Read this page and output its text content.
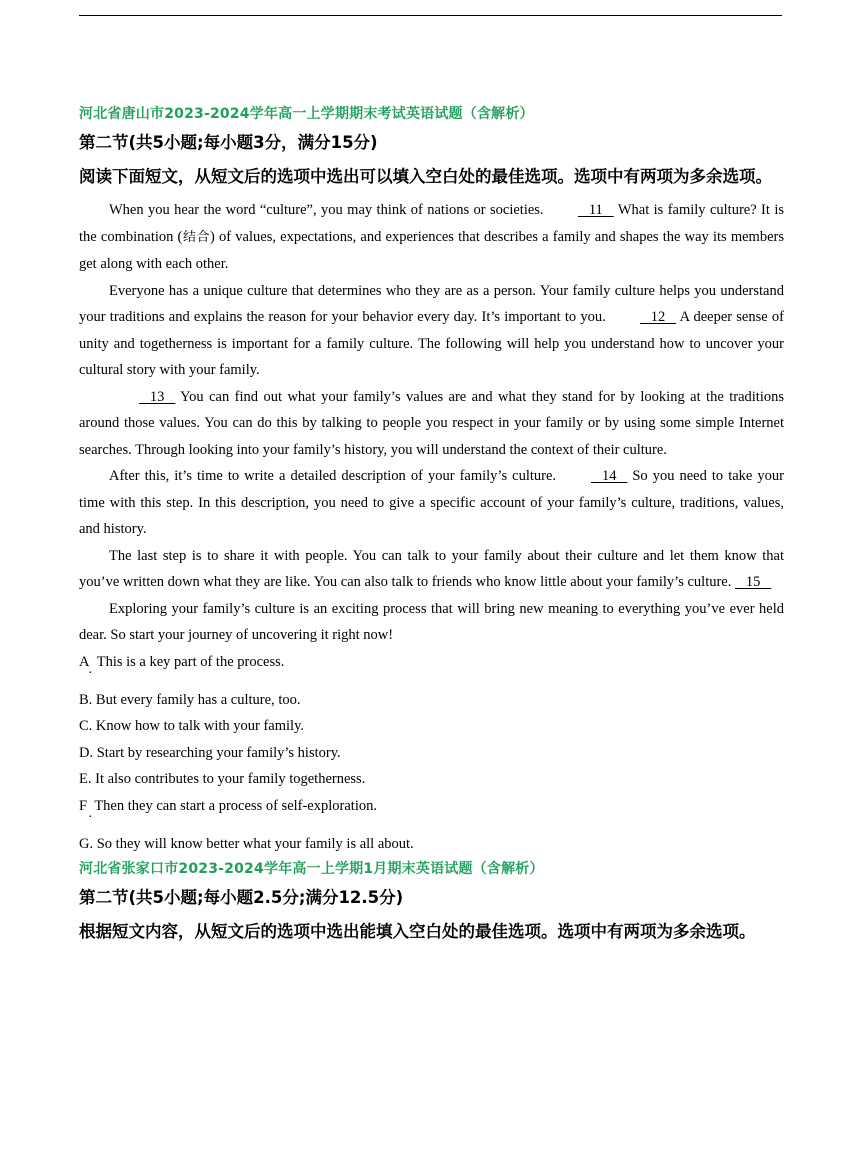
河北省唐山市2023-2024学年高一上学期期末考试英语试题（含解析）
第二节(共5小题;每小题3分，满分15分)
阅读下面短文，从短文后的选项中选出可以填入空白处的最佳选项。选项中有两项为多余选项。

When you hear the word “culture”, you may think of nations or societies.	11    What is family culture? It is the combination (结合) of values, expectations, and experiences that describes a family and shapes the way its members get along with each other.

Everyone has a unique culture that determines who they are as a person. Your family culture helps you understand your traditions and explains the reason for your behavior every day. It’s important to you.	12    A deeper sense of unity and togetherness is important for a family culture. The following will help you understand how to uncover your cultural story with your family.

13    You can find out what your family’s values are and what they stand for by looking at the traditions around those values. You can do this by talking to people you respect in your family or by using some simple Internet searches. Through looking into your family’s history, you will understand the context of their culture.

After this, it’s time to write a detailed description of your family’s culture.	14    So you need to take your time with this step. In this description, you need to give a specific account of your family’s culture, traditions, values, and history.

The last step is to share it with people. You can talk to your family about their culture and let them know that you’ve written down what they are like. You can also talk to friends who know little about your family’s culture.    15

Exploring your family’s culture is an exciting process that will bring new meaning to everything you’ve ever held dear. So start your journey of uncovering it right now!

A This is a key part of the process.
·
B. But every family has a culture, too.
C. Know how to talk with your family.
D. Start by researching your family’s history.
E. It also contributes to your family togetherness.
F Then they can start a process of self-exploration.
·
G. So they will know better what your family is all about.
河北省张家口市2023-2024学年高一上学期1月期末英语试题（含解析）
第二节(共5小题;每小题2.5分;满分12.5分)
根据短文内容，从短文后的选项中选出能填入空白处的最佳选项。选项中有两项为多余选项。
